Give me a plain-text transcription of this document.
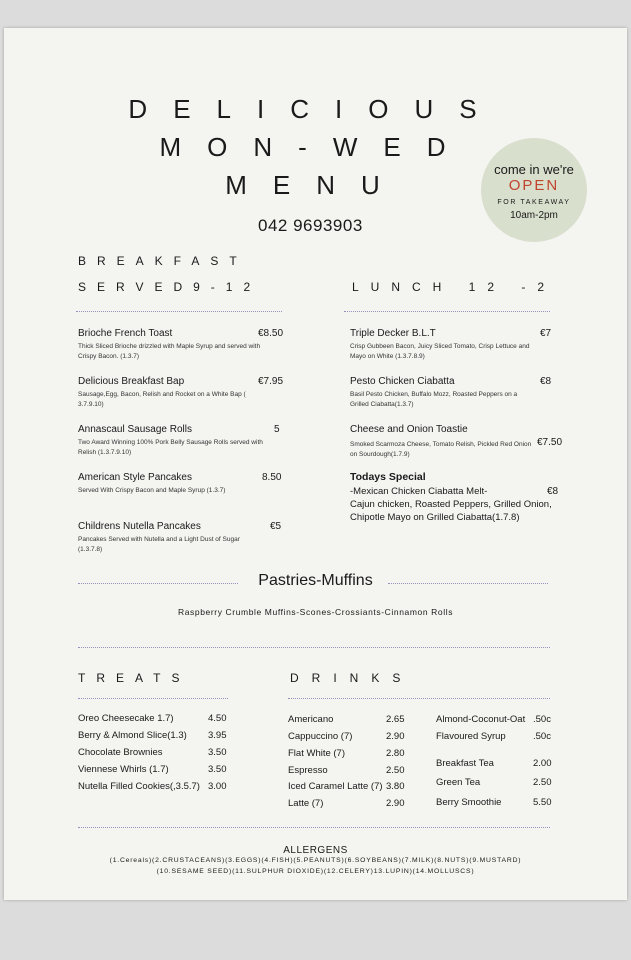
DELICIOUS
MON-WED
MENU
042 9693903
come in we're
OPEN
FOR TAKEAWAY
10am-2pm
BREAKFAST
SERVED9-12
Brioche French Toast	€8.50
Thick Sliced Brioche drizzled with Maple Syrup and served with Crispy Bacon. (1.3.7)
Delicious Breakfast Bap	€7.95
Sausage,Egg, Bacon, Relish and Rocket on a White Bap ( 3.7.9.10)
Annascaul Sausage Rolls	5
Two Award Winning 100% Pork Belly Sausage Rolls served with Relish (1.3.7.9.10)
American Style Pancakes	8.50
Served With Crispy Bacon and Maple Syrup (1.3.7)
Childrens Nutella Pancakes	€5
Pancakes Served with Nutella and a Light Dust of Sugar (1.3.7.8)
LUNCH 12 -2
Triple Decker B.L.T	€7
Crisp Gubbeen Bacon, Juicy Sliced Tomato, Crisp Lettuce and Mayo on White (1.3.7.8.9)
Pesto Chicken Ciabatta	€8
Basil Pesto Chicken, Buffalo Mozz, Roasted Peppers on a Grilled Ciabatta(1.3.7)
Cheese and Onion Toastie
€7.50
Smoked Scarmoza Cheese, Tomato Relish, Pickled Red Onion on Sourdough(1.7.9)
Todays Special
-Mexican Chicken Ciabatta Melt-	€8
Cajun chicken, Roasted Peppers, Grilled Onion,
Chipotle Mayo on Grilled Ciabatta(1.7.8)
Pastries-Muffins
Raspberry Crumble Muffins-Scones-Crossiants-Cinnamon Rolls
TREATS
Oreo Cheesecake 1.7)	4.50
Berry & Almond Slice(1.3) 3.95
Chocolate Brownies	3.50
Viennese Whirls (1.7)	3.50
Nutella Filled Cookies(,3.5.7) 3.00
DRINKS
Americano	2.65
Cappuccino (7)	2.90
Flat White (7)	2.80
Espresso	2.50
Iced Caramel Latte (7) 3.80
Latte (7)	2.90
Almond-Coconut-Oat .50c
Flavoured Syrup	.50c
Breakfast Tea	2.00
Green Tea	2.50
Berry Smoothie	5.50
ALLERGENS
(1.Cereals)(2.CRUSTACEANS)(3.EGGS)(4.FISH)(5.PEANUTS)(6.SOYBEANS)(7.MILK)(8.NUTS)(9.MUSTARD)
(10.SESAME SEED)(11.SULPHUR DIOXIDE)(12.CELERY)13.LUPIN)(14.MOLLUSCS)
